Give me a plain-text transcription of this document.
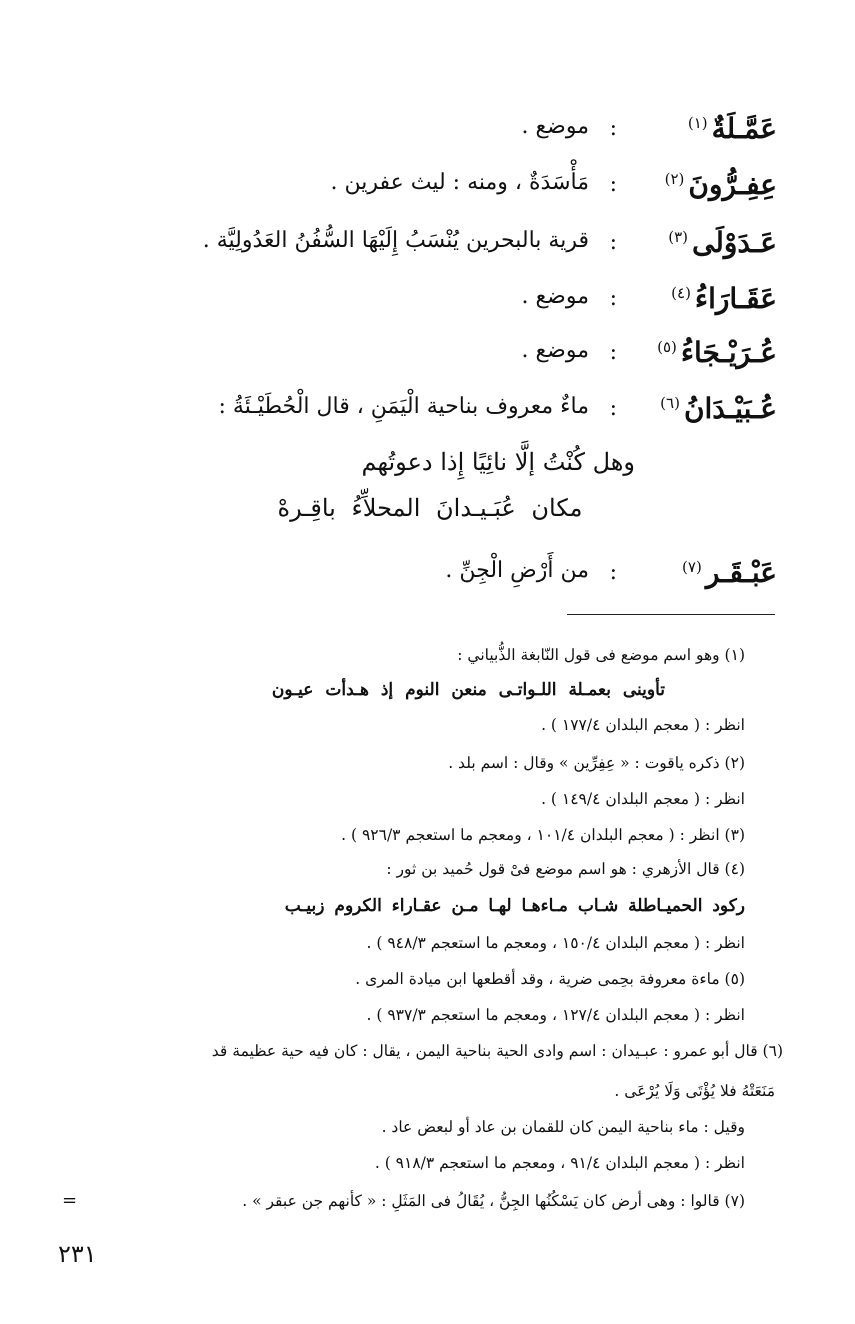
عَمَّـلَةٌ$^{(١)}$
:
موضع .
عِفِـرُّونَ$^{(٢)}$
:
مَأْسَدَةٌ ، ومنه : ليث عفرين .
عَـدَوْلَى$^{(٣)}$
:
قرية بالبحرين يُنْسَبُ إِلَيْهَا السُّفُنُ العَدُولِيَّة .
عَقَـارَاءُ$^{(٤)}$
:
موضع .
عُـرَيْـجَاءُ$^{(٥)}$
:
موضع .
عُـبَيْـدَانُ$^{(٦)}$
:
ماءٌ معروف بناحية الْيَمَنِ ، قال الْحُطَيْـئَةُ :
وهل كُنْتُ إلَّا نائِيًا إِذا دعوتُهم
مكان عُبَـيـدانَ المحلاِّءُ باقِـرهْ
عَبْـقَـر$^{(٧)}$
:
من أَرْضِ الْجِنِّ .
(١) وهو اسم موضع فى قول النّابغة الذُّبياني :
تأوينى بعمـلة اللـواتـى منعن النوم إذ هـدأت عيـون
انظر : ( معجم البلدان ١٧٧/٤ ) .
(٢) ذكره ياقوت : « عِفِرِّين » وقال : اسم بلد .
انظر : ( معجم البلدان ١٤٩/٤ ) .
(٣) انظر : ( معجم البلدان ١٠١/٤ ، ومعجم ما استعجم ٩٢٦/٣ ) .
(٤) قال الأزهري : هو اسم موضع فىْ قول حُميد بن ثور :
ركود الحميـاطلة شـاب مـاءهـا لهـا مـن عقـاراء الكروم زبيـب
انظر : ( معجم البلدان ١٥٠/٤ ، ومعجم ما استعجم ٩٤٨/٣ ) .
(٥) ماءة معروفة بحِمى ضرية ، وقد أقطعها ابن ميادة المرى .
انظر : ( معجم البلدان ١٢٧/٤ ، ومعجم ما استعجم ٩٣٧/٣ ) .
(٦) قال أبو عمرو : عبـيدان : اسم وادى الحية بناحية اليمن ، يقال : كان فيه حية عظيمة قد
مَنَعَتْهُ فلا يُؤْتَى وَلَا يُرْعَى .
وقيل : ماء بناحية اليمن كان للقمان بن عاد أو لبعض عاد .
انظر : ( معجم البلدان ٩١/٤ ، ومعجم ما استعجم ٩١٨/٣ ) .
(٧) قالوا : وهى أرض كان يَسْكُنُها الجِنُّ ، يُقَالُ فى المَثَلِ : « كأنهم جن عبقر » .
=
٢٣١
